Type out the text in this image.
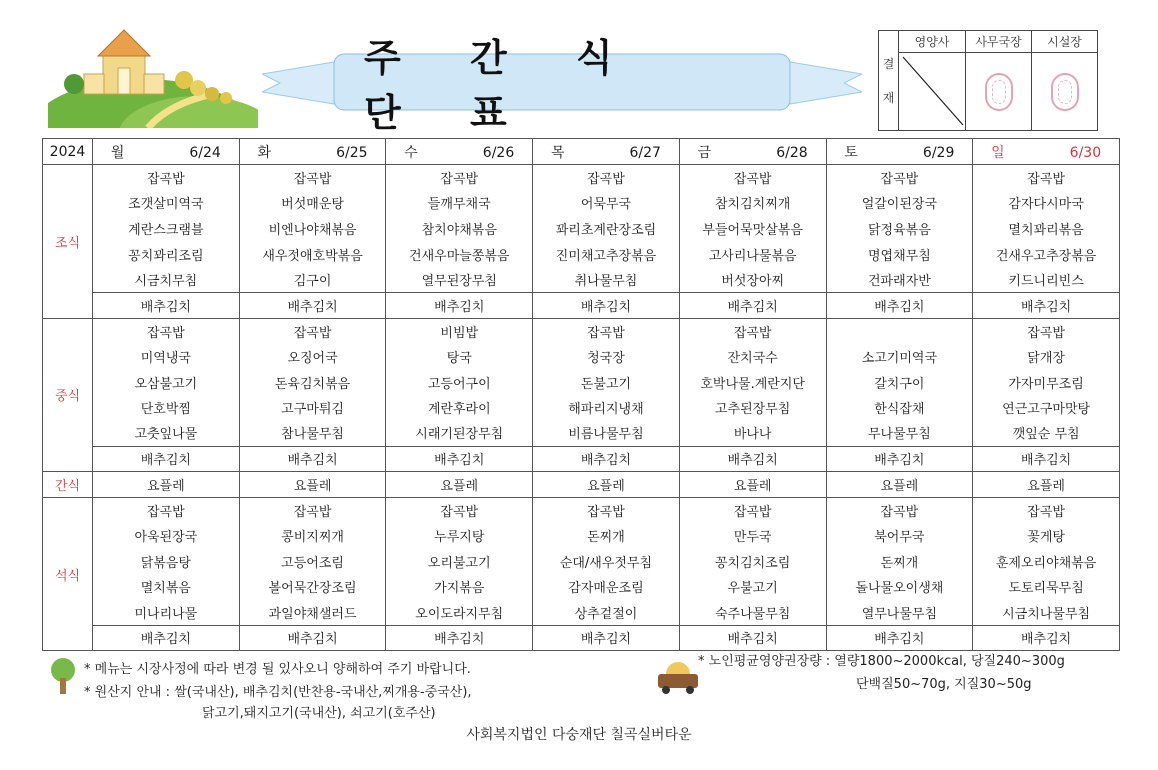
주 간 식 단 표
결 재	영양사	사무국장	시설장

2024	월 6/24	화 6/25	수 6/26	목 6/27	금 6/28	토 6/29	일 6/30
조식	잡곡밥	잡곡밥	잡곡밥	잡곡밥	잡곡밥	잡곡밥	잡곡밥
	조갯살미역국	버섯매운탕	들깨무채국	어묵무국	참치김치찌개	얼갈이된장국	감자다시마국
	계란스크램블	비엔나야채볶음	참치야채볶음	꽈리초계란장조림	부들어묵맛살볶음	닭정육볶음	멸치꽈리볶음
	꽁치꽈리조림	새우젓애호박볶음	건새우마늘쫑볶음	진미채고추장볶음	고사리나물볶음	명엽채무침	건새우고추장볶음
	시금치무침	김구이	열무된장무침	취나물무침	버섯장아찌	건파래자반	키드니리빈스
	배추김치	배추김치	배추김치	배추김치	배추김치	배추김치	배추김치
중식	잡곡밥	잡곡밥	비빔밥	잡곡밥	잡곡밥		잡곡밥
	미역냉국	오징어국	탕국	청국장	잔치국수	소고기미역국	닭개장
	오삼불고기	돈육김치볶음	고등어구이	돈불고기	호박나물.계란지단	갈치구이	가자미무조림
	단호박찜	고구마튀김	계란후라이	해파리지냉채	고추된장무침	한식잡채	연근고구마맛탕
	고춧잎나물	참나물무침	시래기된장무침	비름나물무침	바나나	무나물무침	깻잎순 무침
	배추김치	배추김치	배추김치	배추김치	배추김치	배추김치	배추김치
간식	요플레	요플레	요플레	요플레	요플레	요플레	요플레
석식	잡곡밥	잡곡밥	잡곡밥	잡곡밥	잡곡밥	잡곡밥	잡곡밥
	아욱된장국	콩비지찌개	누루지탕	돈찌개	만두국	북어무국	꽃게탕
	닭볶음탕	고등어조림	오리불고기	순대/새우젓무침	꽁치김치조림	돈찌개	훈제오리야채볶음
	멸치볶음	볼어묵간장조림	가지볶음	감자매운조림	우불고기	돌나물오이생채	도토리묵무침
	미나리나물	과일야채샐러드	오이도라지무침	상추겉절이	숙주나물무침	열무나물무침	시금치나물무침
	배추김치	배추김치	배추김치	배추김치	배추김치	배추김치	배추김치
* 메뉴는 시장사정에 따라 변경 될 있사오니 양해하여 주기 바랍니다.
* 원산지 안내 : 쌀(국내산), 배추김치(반찬용-국내산,찌개용-중국산),
닭고기,돼지고기(국내산), 쇠고기(호주산)
* 노인평균영양권장량 : 열량1800~2000kcal, 당질240~300g
단백질50~70g, 지질30~50g
사회복지법인 다숭재단 칠곡실버타운
